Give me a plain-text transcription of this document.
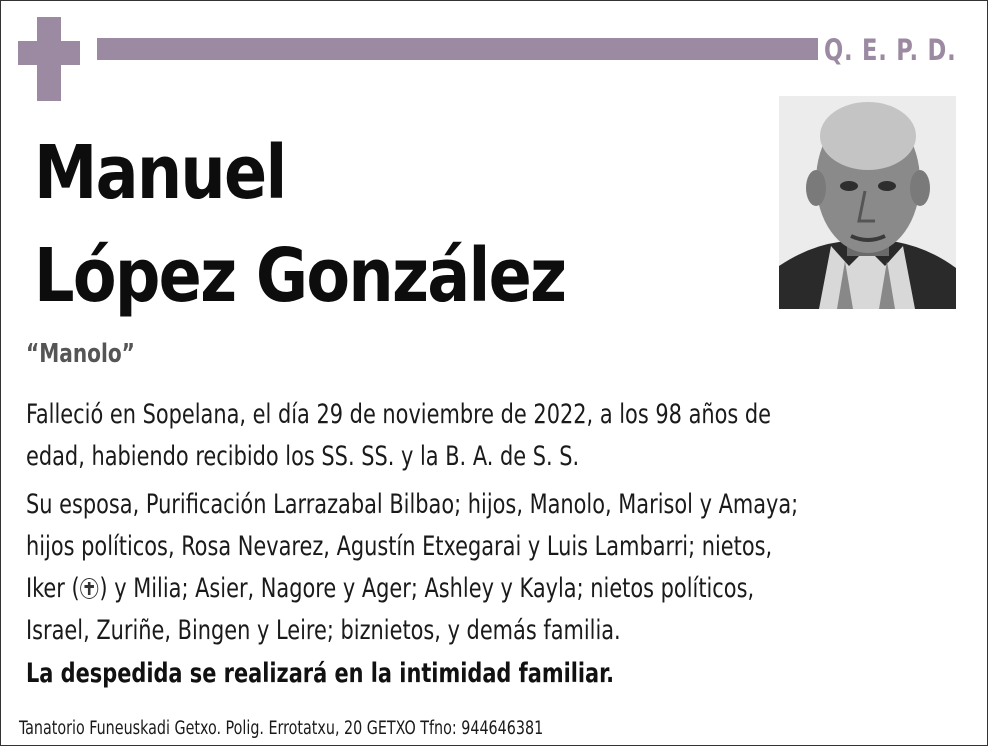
Q. E. P. D.
Manuel
López González
“Manolo”
Falleció en Sopelana, el día 29 de noviembre de 2022, a los 98 años de
edad, habiendo recibido los SS. SS. y la B. A. de S. S.
Su esposa, Purificación Larrazabal Bilbao; hijos, Manolo, Marisol y Amaya;
hijos políticos, Rosa Nevarez, Agustín Etxegarai y Luis Lambarri; nietos,
Iker ( ) y Milia; Asier, Nagore y Ager; Ashley y Kayla; nietos políticos,
Israel, Zuriñe, Bingen y Leire; biznietos, y demás familia.
La despedida se realizará en la intimidad familiar.
Tanatorio Funeuskadi Getxo. Polig. Errotatxu, 20 GETXO Tfno: 944646381
